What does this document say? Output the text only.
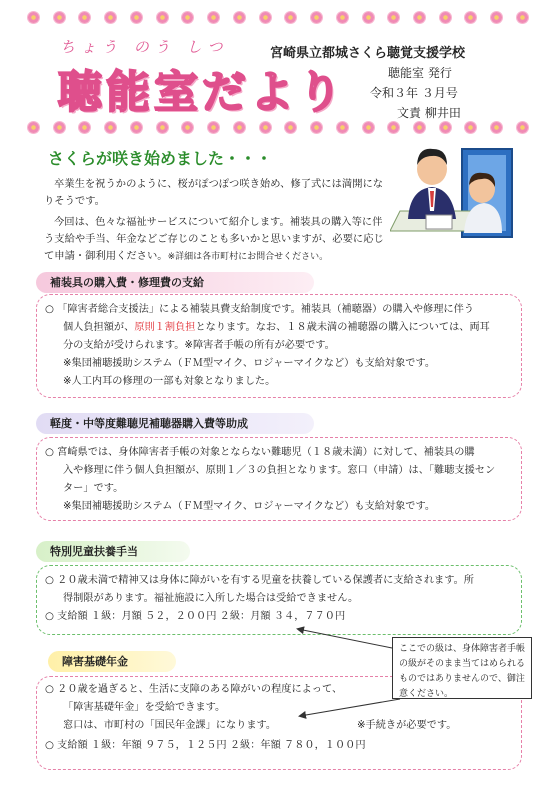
ちょう のう しつ
聴能室だより
宮崎県立都城さくら聴覚支援学校
聴能室 発行
令和３年 ３月号
文責 柳井田
さくらが咲き始めました・・・
卒業生を祝うかのように、桜がぽつぽつ咲き始め、修了式には満開にな
りそうです。
今回は、色々な福祉サービスについて紹介します。補装具の購入等に伴
う支給や手当、年金などご存じのことも多いかと思いますが、必要に応じ
て申請・御利用ください。※詳細は各市町村にお問合せください。
補装具の購入費・修理費の支給
○ 「障害者総合支援法」による補装具費支給制度です。補装具（補聴器）の購入や修理に伴う
個人負担額が、原則１割負担となります。なお、１８歳未満の補聴器の購入については、両耳
分の支給が受けられます。※障害者手帳の所有が必要です。
※集団補聴援助システム（ＦＭ型マイク、ロジャーマイクなど）も支給対象です。
※人工内耳の修理の一部も対象となりました。
軽度・中等度難聴児補聴器購入費等助成
○ 宮崎県では、身体障害者手帳の対象とならない難聴児（１８歳未満）に対して、補装具の購
入や修理に伴う個人負担額が、原則１／３の負担となります。窓口（申請）は、「難聴支援セン
ター」です。
※集団補聴援助システム（ＦＭ型マイク、ロジャーマイクなど）も支給対象です。
特別児童扶養手当
○ ２０歳未満で精神又は身体に障がいを有する児童を扶養している保護者に支給されます。所
得制限があります。福祉施設に入所した場合は受給できません。
○ 支給額 １級：月額 ５２，２００円 ２級：月額 ３４，７７０円
障害基礎年金
○ ２０歳を過ぎると、生活に支障のある障がいの程度によって、
「障害基礎年金」を受給できます。
窓口は、市町村の「国民年金課」になります。	※手続きが必要です。
○ 支給額 １級：年額 ９７５，１２５円 ２級：年額 ７８０，１００円
ここでの級は、身体障害者手帳の級がそのまま当てはめられるものではありませんので、御注意ください。
